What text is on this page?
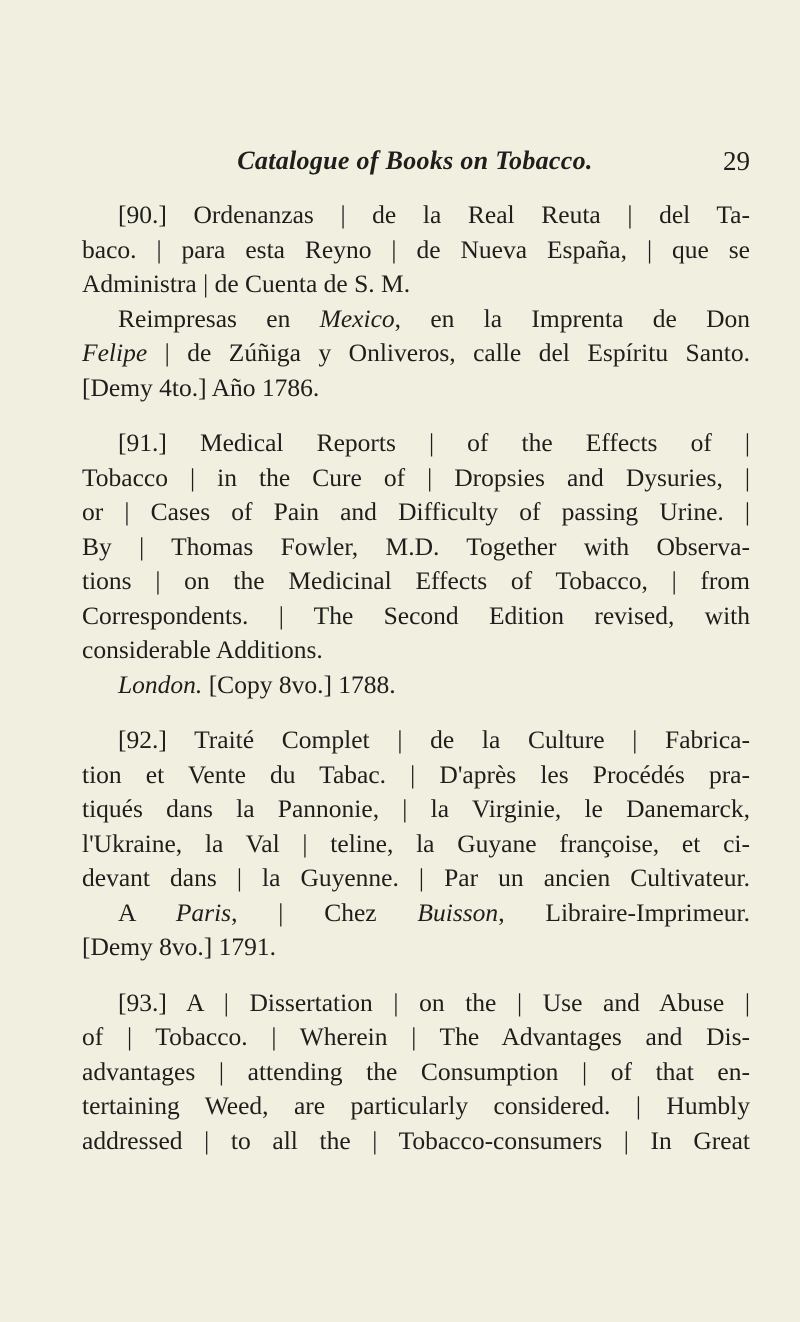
Catalogue of Books on Tobacco.	29
[90.] Ordenanzas | de la Real Reuta | del Ta-
baco. | para esta Reyno | de Nueva España, | que se
Administra | de Cuenta de S. M.
Reimpresas en Mexico, en la Imprenta de Don
Felipe | de Zúñiga y Onliveros, calle del Espíritu Santo.
[Demy 4to.] Año 1786.
[91.] Medical Reports | of the Effects of |
Tobacco | in the Cure of | Dropsies and Dysuries, |
or | Cases of Pain and Difficulty of passing Urine. |
By | Thomas Fowler, M.D. Together with Observa-
tions | on the Medicinal Effects of Tobacco, | from
Correspondents. | The Second Edition revised, with
considerable Additions.
London. [Copy 8vo.] 1788.
[92.] Traité Complet | de la Culture | Fabrica-
tion et Vente du Tabac. | D'après les Procédés pra-
tiqués dans la Pannonie, | la Virginie, le Danemarck,
l'Ukraine, la Val | teline, la Guyane françoise, et ci-
devant dans | la Guyenne. | Par un ancien Cultivateur.
A Paris, | Chez Buisson, Libraire-Imprimeur.
[Demy 8vo.] 1791.
[93.] A | Dissertation | on the | Use and Abuse |
of | Tobacco. | Wherein | The Advantages and Dis-
advantages | attending the Consumption | of that en-
tertaining Weed, are particularly considered. | Humbly
addressed | to all the | Tobacco-consumers | In Great
